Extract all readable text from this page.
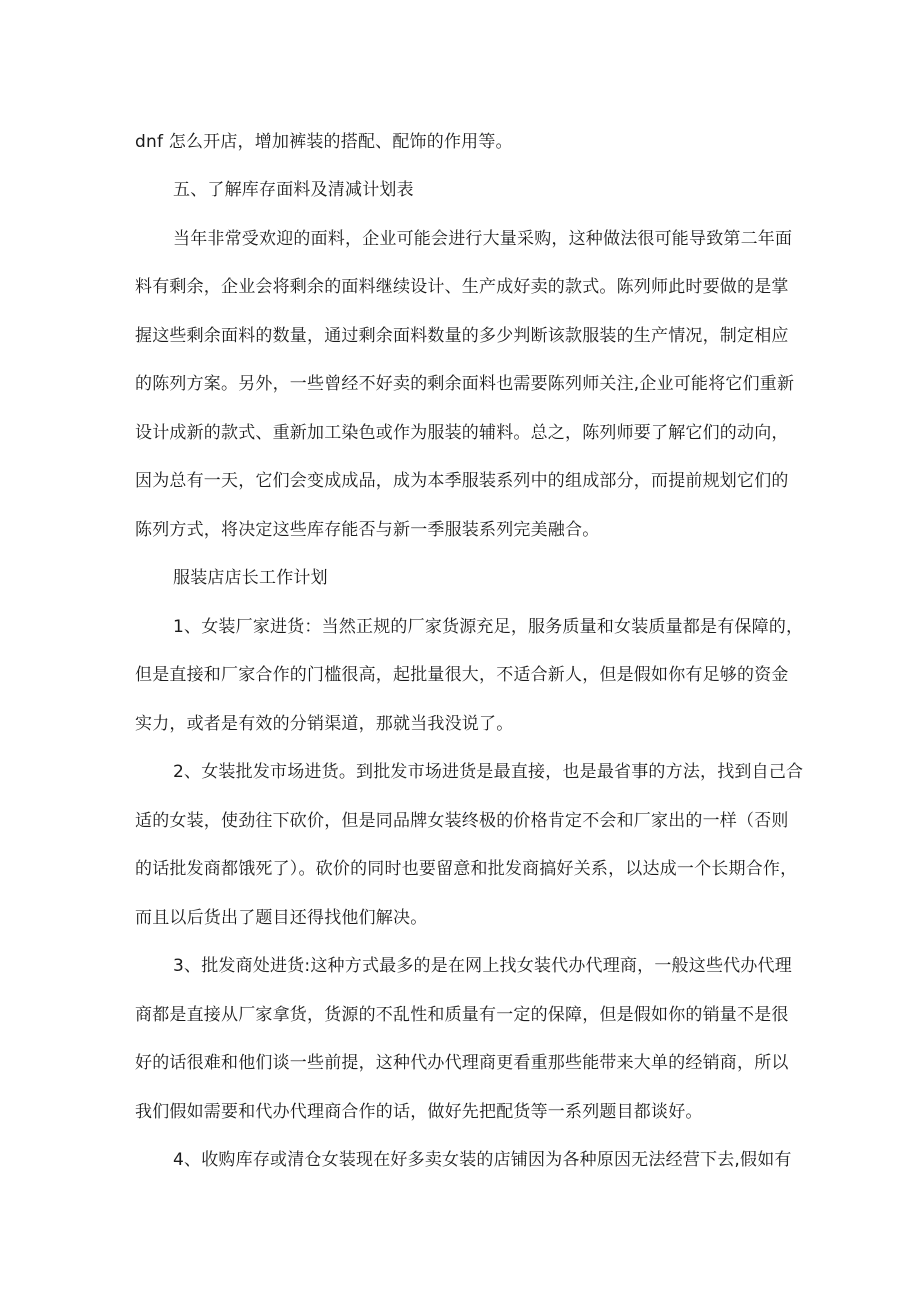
dnf 怎么开店，增加裤装的搭配、配饰的作用等。
五、了解库存面料及清减计划表
当年非常受欢迎的面料，企业可能会进行大量采购，这种做法很可能导致第二年面
料有剩余，企业会将剩余的面料继续设计、生产成好卖的款式。陈列师此时要做的是掌
握这些剩余面料的数量，通过剩余面料数量的多少判断该款服装的生产情况，制定相应
的陈列方案。另外，一些曾经不好卖的剩余面料也需要陈列师关注,企业可能将它们重新
设计成新的款式、重新加工染色或作为服装的辅料。总之，陈列师要了解它们的动向，
因为总有一天，它们会变成成品，成为本季服装系列中的组成部分，而提前规划它们的
陈列方式，将决定这些库存能否与新一季服装系列完美融合。
服装店店长工作计划
1、女装厂家进货：当然正规的厂家货源充足，服务质量和女装质量都是有保障的，
但是直接和厂家合作的门槛很高，起批量很大，不适合新人，但是假如你有足够的资金
实力，或者是有效的分销渠道，那就当我没说了。
2、女装批发市场进货。到批发市场进货是最直接，也是最省事的方法，找到自己合
适的女装，使劲往下砍价，但是同品牌女装终极的价格肯定不会和厂家出的一样（否则
的话批发商都饿死了）。砍价的同时也要留意和批发商搞好关系，以达成一个长期合作，
而且以后货出了题目还得找他们解决。
3、批发商处进货:这种方式最多的是在网上找女装代办代理商，一般这些代办代理
商都是直接从厂家拿货，货源的不乱性和质量有一定的保障，但是假如你的销量不是很
好的话很难和他们谈一些前提，这种代办代理商更看重那些能带来大单的经销商，所以
我们假如需要和代办代理商合作的话，做好先把配货等一系列题目都谈好。
4、收购库存或清仓女装现在好多卖女装的店铺因为各种原因无法经营下去,假如有
